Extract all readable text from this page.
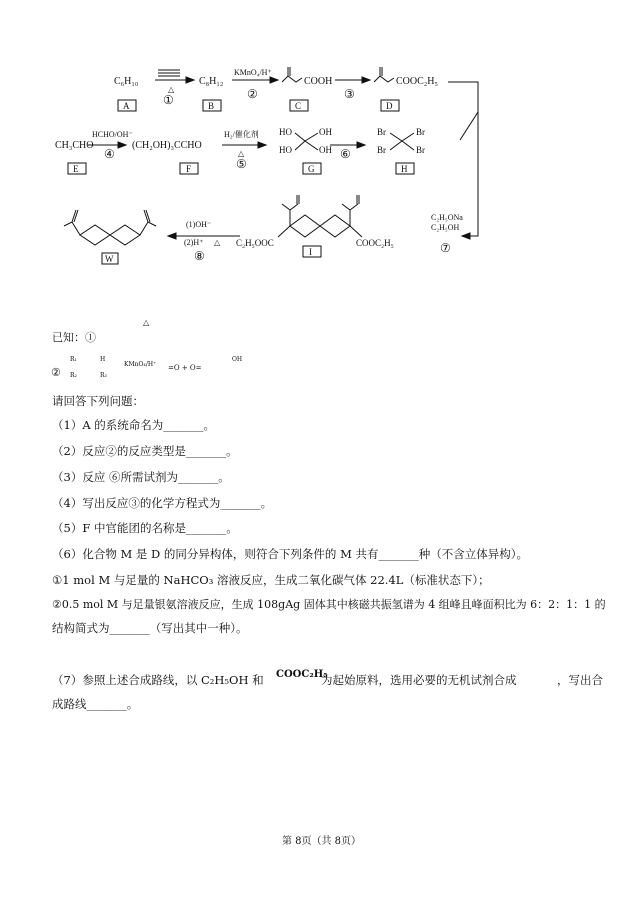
C₆H₁₀
A
△
①
C₈H₁₂
B
KMnO₄/H⁺
②
COOH
C
③
COOC₂H₅
D
CH₃CHO
E
HCHO/OH⁻
④
(CH₂OH)₃CCHO
F
H₂/催化剂
△
⑤
HO
HO
OH
OH
G
⑥
Br
Br
Br
Br
H
C₂H₅OOC	COOC₂H₅
I
C₂H₅ONa
C₂H₅OH
⑦
(1)OH⁻
(2)H⁺ △
⑧
W
已知：①
△
②
R₁
R₂
H
R₃
KMnO₄/H⁺ =O + O=
OH
请回答下列问题：
（1）A 的系统命名为_______。
（2）反应②的反应类型是_______。
（3）反应 ⑥所需试剂为_______。
（4）写出反应③的化学方程式为_______。
（5）F 中官能团的名称是_______。
（6）化合物 M 是 D 的同分异构体，则符合下列条件的 M 共有_______种（不含立体异构）。
①1 mol M 与足量的 NaHCO₃ 溶液反应，生成二氧化碳气体 22.4L（标准状态下）；
②0.5 mol M 与足量银氨溶液反应，生成 108gAg 固体其中核磁共振氢谱为 4 组峰且峰面积比为 6：2：1：1 的
结构简式为_______（写出其中一种）。
（7）参照上述合成路线，以 C₂H₅OH 和 COOC₂H₅
为起始原料，选用必要的无机试剂合成	，写出合
成路线_______。
第 8页（共 8页）
